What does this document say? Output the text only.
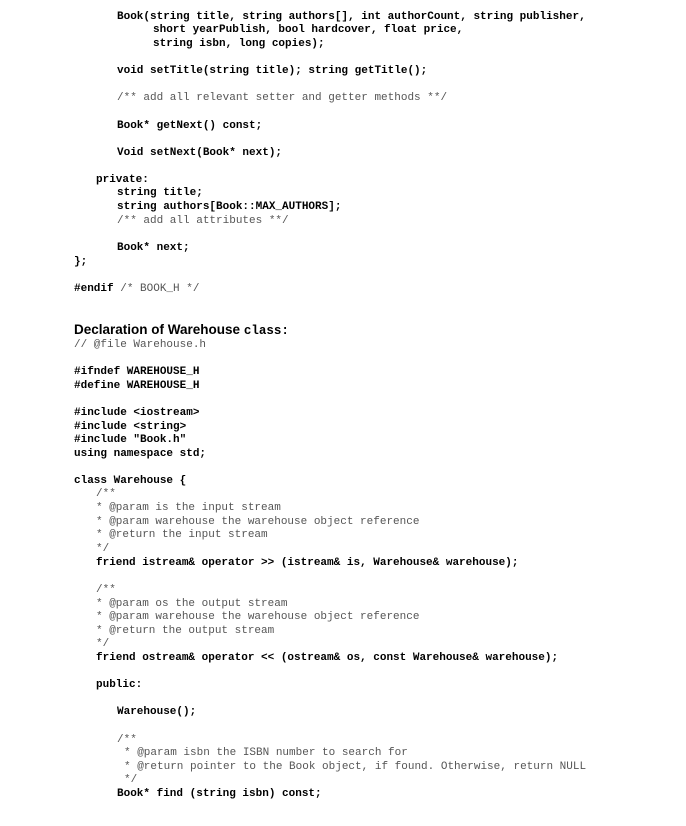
Book(string title, string authors[], int authorCount, string publisher,
short yearPublish, bool hardcover, float price,
string isbn, long copies);
void setTitle(string title); string getTitle();
/** add all relevant setter and getter methods **/
Book* getNext() const;
Void setNext(Book* next);
private:
string title;
string authors[Book::MAX_AUTHORS];
/** add all attributes **/
Book* next;
};
#endif /* BOOK_H */
Declaration of Warehouse class:
// @file Warehouse.h
#ifndef WAREHOUSE_H
#define WAREHOUSE_H
#include <iostream>
#include <string>
#include "Book.h"
using namespace std;
class Warehouse {
/**
* @param is the input stream
* @param warehouse the warehouse object reference
* @return the input stream
*/
friend istream& operator >> (istream& is, Warehouse& warehouse);
/**
* @param os the output stream
* @param warehouse the warehouse object reference
* @return the output stream
*/
friend ostream& operator << (ostream& os, const Warehouse& warehouse);
public:
Warehouse();
/**
* @param isbn the ISBN number to search for
* @return pointer to the Book object, if found. Otherwise, return NULL
*/
Book* find (string isbn) const;
